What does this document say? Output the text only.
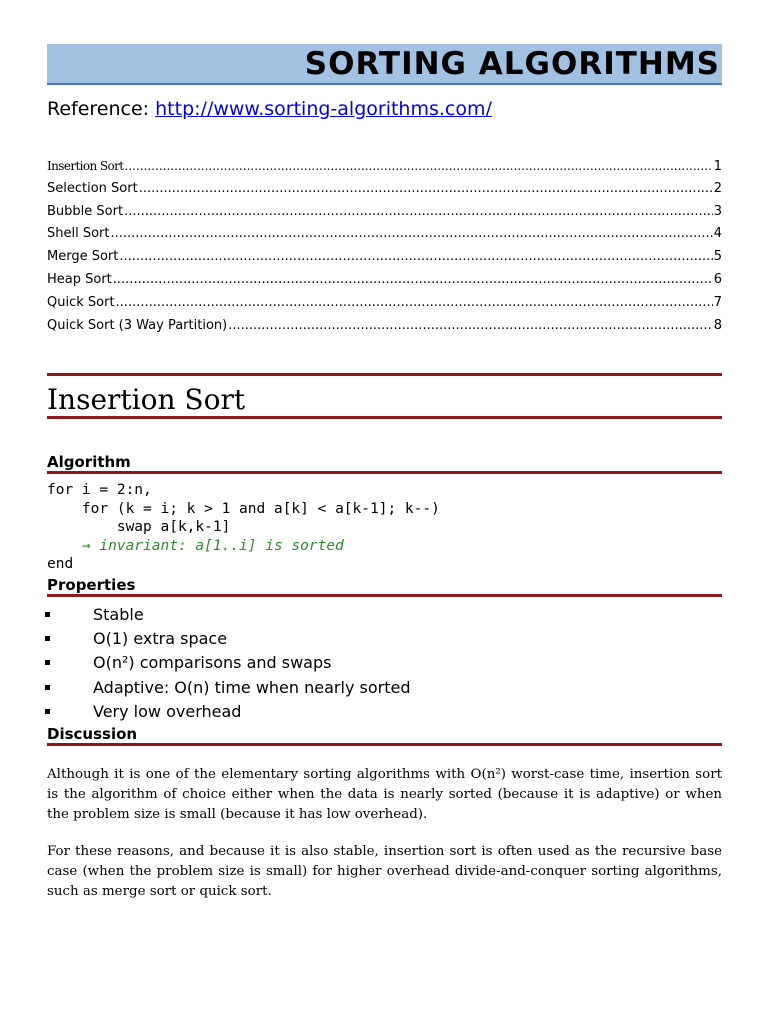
SORTING ALGORITHMS
Reference: http://www.sorting-algorithms.com/
Insertion Sort .....	1
Selection Sort .....	2
Bubble Sort .....	3
Shell Sort .....	4
Merge Sort .....	5
Heap Sort .....	6
Quick Sort .....	7
Quick Sort (3 Way Partition) .....	8
Insertion Sort
Algorithm
for i = 2:n,
for (k = i; k > 1 and a[k] < a[k-1]; k--)
swap a[k,k-1]
→ invariant: a[1..i] is sorted
end
Properties
Stable
O(1) extra space
O(n²) comparisons and swaps
Adaptive: O(n) time when nearly sorted
Very low overhead
Discussion

Although it is one of the elementary sorting algorithms with O(n²) worst-case time, insertion sort is the algorithm of choice either when the data is nearly sorted (because it is adaptive) or when the problem size is small (because it has low overhead).

For these reasons, and because it is also stable, insertion sort is often used as the recursive base case (when the problem size is small) for higher overhead divide-and-conquer sorting algorithms, such as merge sort or quick sort.
